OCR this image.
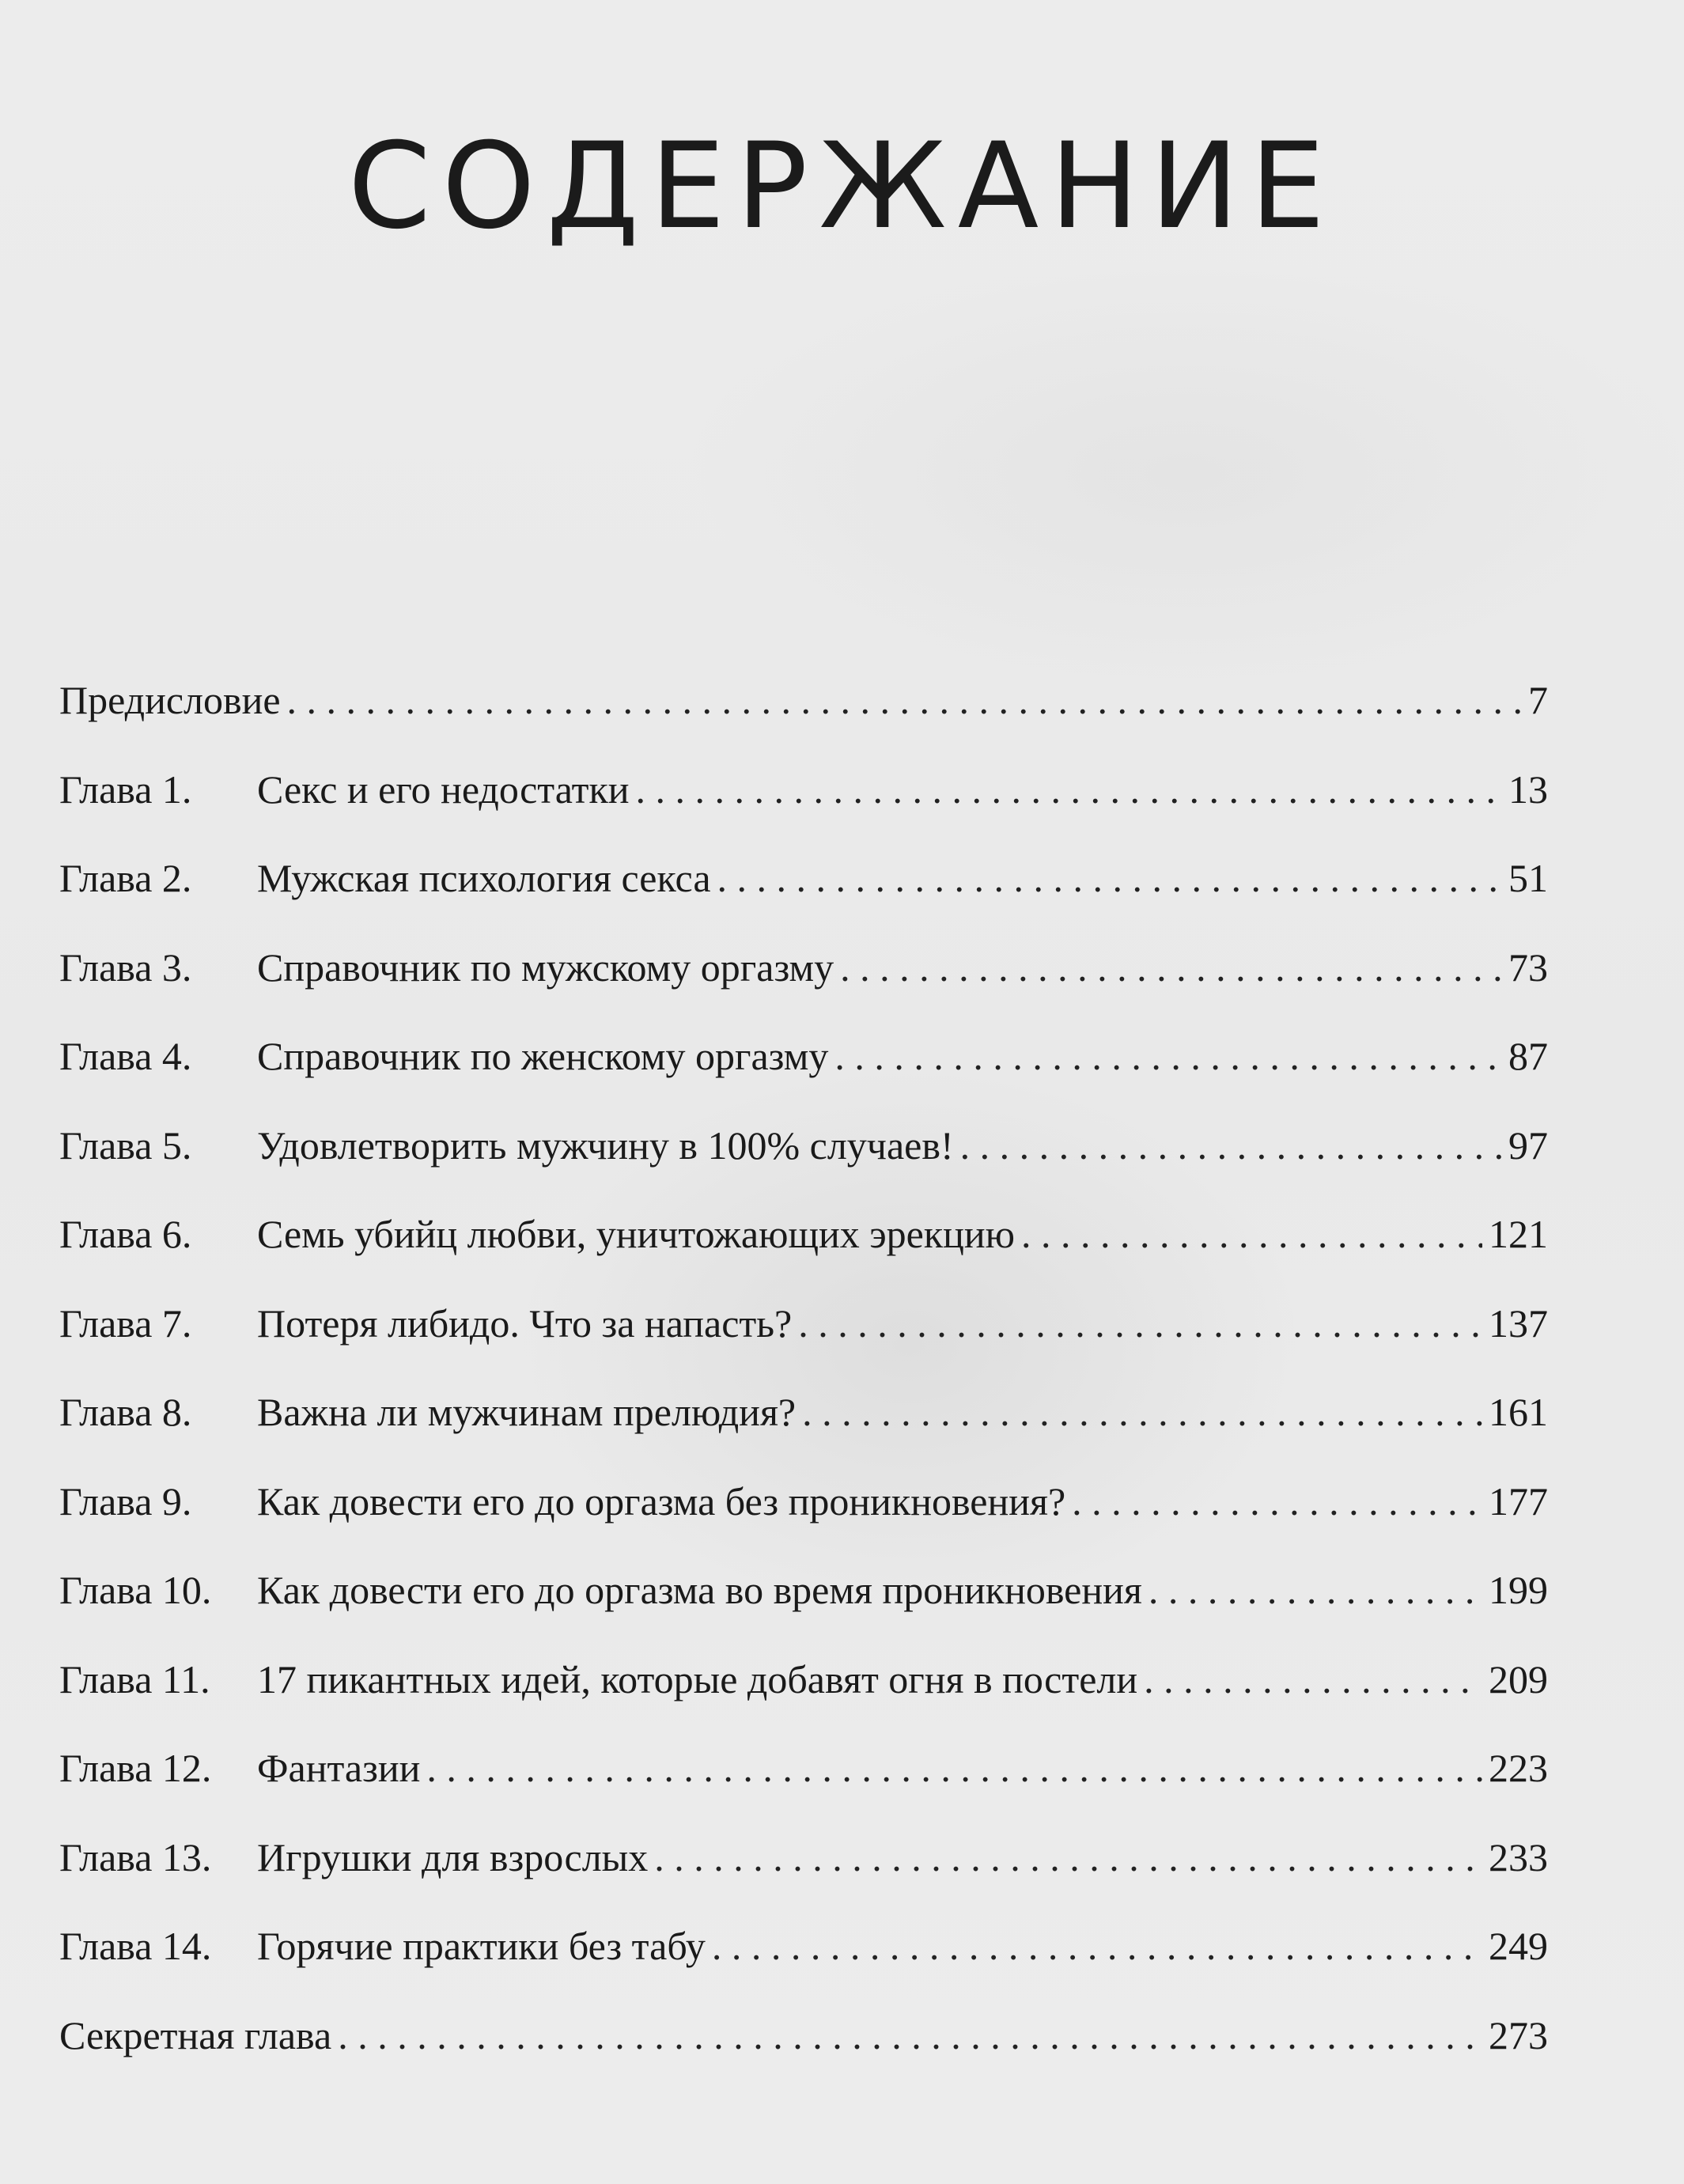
СОДЕРЖАНИЕ
Предисловие . . .	7
Глава 1.	Секс и его недостатки . . .	13
Глава 2.	Мужская психология секса . . .	51
Глава 3.	Справочник по мужскому оргазму . . .	73
Глава 4.	Справочник по женскому оргазму . . .	87
Глава 5.	Удовлетворить мужчину в 100% случаев! . . .	97
Глава 6.	Семь убийц любви, уничтожающих эрекцию . . .	121
Глава 7.	Потеря либидо. Что за напасть? . . .	137
Глава 8.	Важна ли мужчинам прелюдия? . . .	161
Глава 9.	Как довести его до оргазма без проникновения? . . .	177
Глава 10.	Как довести его до оргазма во время проникновения . . .	199
Глава 11.	17 пикантных идей, которые добавят огня в постели . . .	209
Глава 12.	Фантазии . . .	223
Глава 13.	Игрушки для взрослых . . .	233
Глава 14.	Горячие практики без табу . . .	249
Секретная глава . . .	273
